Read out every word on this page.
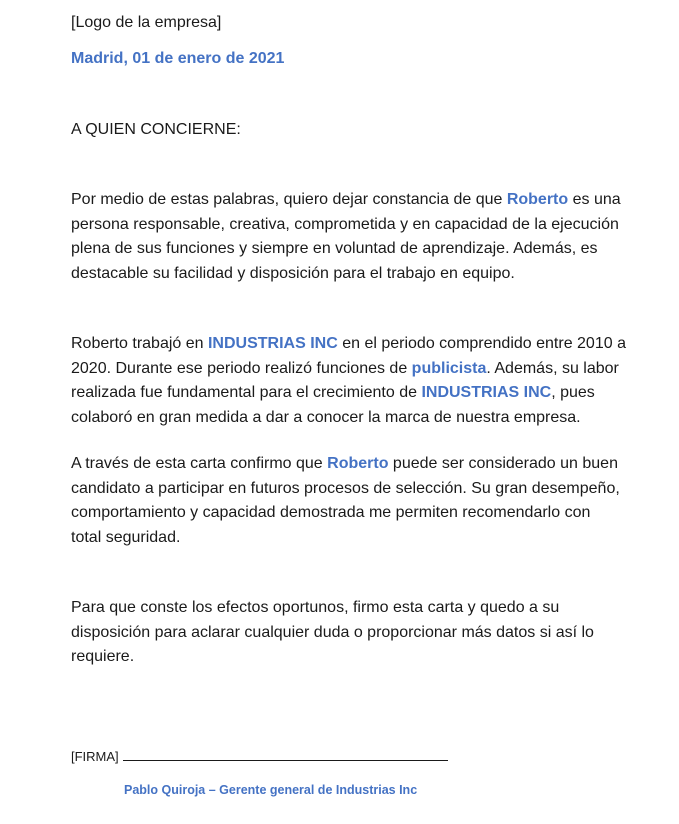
[Logo de la empresa]
Madrid, 01 de enero de 2021
A QUIEN CONCIERNE:
Por medio de estas palabras, quiero dejar constancia de que Roberto es una
persona responsable, creativa, comprometida y en capacidad de la ejecución
plena de sus funciones y siempre en voluntad de aprendizaje. Además, es
destacable su facilidad y disposición para el trabajo en equipo.
Roberto trabajó en INDUSTRIAS INC en el periodo comprendido entre 2010 a
2020. Durante ese periodo realizó funciones de publicista. Además, su labor
realizada fue fundamental para el crecimiento de INDUSTRIAS INC, pues
colaboró en gran medida a dar a conocer la marca de nuestra empresa.
A través de esta carta confirmo que Roberto puede ser considerado un buen
candidato a participar en futuros procesos de selección. Su gran desempeño,
comportamiento y capacidad demostrada me permiten recomendarlo con
total seguridad.
Para que conste los efectos oportunos, firmo esta carta y quedo a su
disposición para aclarar cualquier duda o proporcionar más datos si así lo
requiere.
[FIRMA]
Pablo Quiroja – Gerente general de Industrias Inc
